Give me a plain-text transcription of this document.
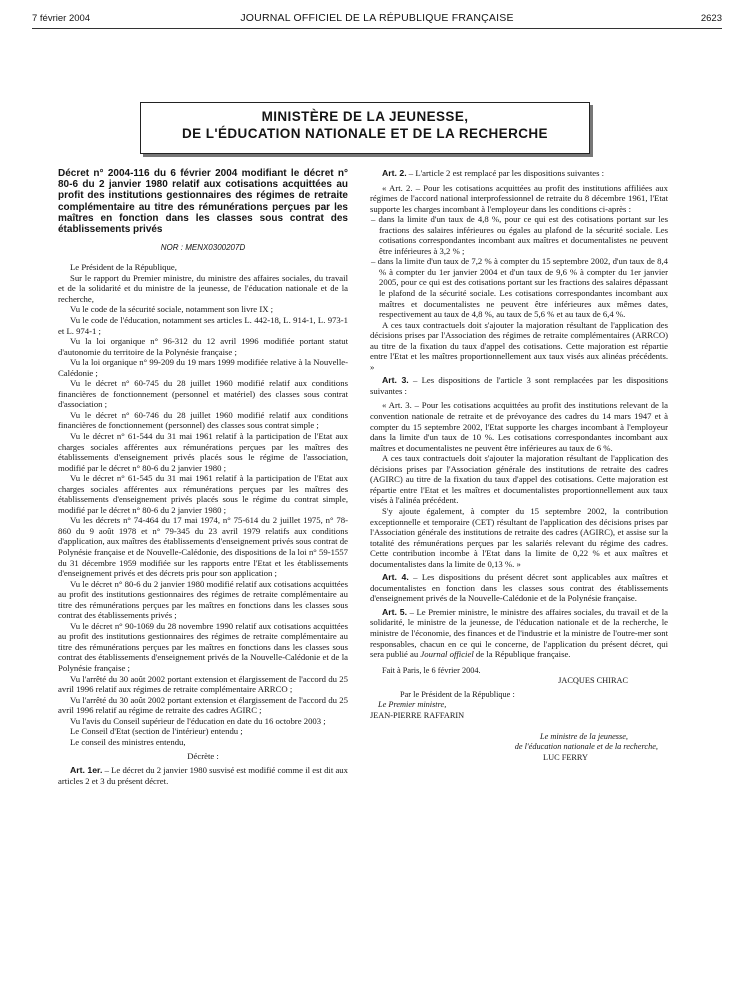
7 février 2004	JOURNAL OFFICIEL DE LA RÉPUBLIQUE FRANÇAISE	2623
MINISTÈRE DE LA JEUNESSE,
DE L'ÉDUCATION NATIONALE ET DE LA RECHERCHE

Décret n° 2004-116 du 6 février 2004 modifiant le décret n° 80-6 du 2 janvier 1980 relatif aux cotisations acquittées au profit des institutions gestionnaires des régimes de retraite complémentaire au titre des rémunérations perçues par les maîtres en fonction dans les classes sous contrat des établissements privés

NOR : MENX0300207D

Le Président de la République,

Sur le rapport du Premier ministre, du ministre des affaires sociales, du travail et de la solidarité et du ministre de la jeunesse, de l'éducation nationale et de la recherche,

Vu le code de la sécurité sociale, notamment son livre IX ;

Vu le code de l'éducation, notamment ses articles L. 442-18, L. 914-1, L. 973-1 et L. 974-1 ;

Vu la loi organique n° 96-312 du 12 avril 1996 modifiée portant statut d'autonomie du territoire de la Polynésie française ;

Vu la loi organique n° 99-209 du 19 mars 1999 modifiée relative à la Nouvelle-Calédonie ;

Vu le décret n° 60-745 du 28 juillet 1960 modifié relatif aux conditions financières de fonctionnement (personnel et matériel) des classes sous contrat d'association ;

Vu le décret n° 60-746 du 28 juillet 1960 modifié relatif aux conditions financières de fonctionnement (personnel) des classes sous contrat simple ;

Vu le décret n° 61-544 du 31 mai 1961 relatif à la participation de l'Etat aux charges sociales afférentes aux rémunérations perçues par les maîtres des établissements d'enseignement privés placés sous le régime de l'association, modifié par le décret n° 80-6 du 2 janvier 1980 ;

Vu le décret n° 61-545 du 31 mai 1961 relatif à la participation de l'Etat aux charges sociales afférentes aux rémunérations perçues par les maîtres des établissements d'enseignement privés placés sous le régime du contrat simple, modifié par le décret n° 80-6 du 2 janvier 1980 ;

Vu les décrets n° 74-464 du 17 mai 1974, n° 75-614 du 2 juillet 1975, n° 78-860 du 9 août 1978 et n° 79-345 du 23 avril 1979 relatifs aux conditions d'application, aux maîtres des établissements d'enseignement privés sous contrat de Polynésie française et de Nouvelle-Calédonie, des dispositions de la loi n° 59-1557 du 31 décembre 1959 modifiée sur les rapports entre l'Etat et les établissements d'enseignement privés et des décrets pris pour son application ;

Vu le décret n° 80-6 du 2 janvier 1980 modifié relatif aux cotisations acquittées au profit des institutions gestionnaires des régimes de retraite complémentaire au titre des rémunérations perçues par les maîtres en fonctions dans les classes sous contrat des établissements privés ;

Vu le décret n° 90-1069 du 28 novembre 1990 relatif aux cotisations acquittées au profit des institutions gestionnaires des régimes de retraite complémentaire au titre des rémunérations perçues par les maîtres en fonctions dans les classes sous contrat des établissements d'enseignement privés de la Nouvelle-Calédonie et de la Polynésie française ;

Vu l'arrêté du 30 août 2002 portant extension et élargissement de l'accord du 25 avril 1996 relatif aux régimes de retraite complémentaire ARRCO ;

Vu l'arrêté du 30 août 2002 portant extension et élargissement de l'accord du 25 avril 1996 relatif au régime de retraite des cadres AGIRC ;

Vu l'avis du Conseil supérieur de l'éducation en date du 16 octobre 2003 ;

Le Conseil d'Etat (section de l'intérieur) entendu ;

Le conseil des ministres entendu,

Décrète :

Art. 1er. – Le décret du 2 janvier 1980 susvisé est modifié comme il est dit aux articles 2 et 3 du présent décret.

Art. 2. – L'article 2 est remplacé par les dispositions suivantes :

« Art. 2. – Pour les cotisations acquittées au profit des institutions affiliées aux régimes de l'accord national interprofessionnel de retraite du 8 décembre 1961, l'Etat supporte les charges incombant à l'employeur dans les conditions ci-après :

– dans la limite d'un taux de 4,8 %, pour ce qui est des cotisations portant sur les fractions des salaires inférieures ou égales au plafond de la sécurité sociale. Les cotisations correspondantes incombant aux maîtres et documentalistes ne peuvent être inférieures à 3,2 % ;

– dans la limite d'un taux de 7,2 % à compter du 15 septembre 2002, d'un taux de 8,4 % à compter du 1er janvier 2004 et d'un taux de 9,6 % à compter du 1er janvier 2005, pour ce qui est des cotisations portant sur les fractions des salaires dépassant le plafond de la sécurité sociale. Les cotisations correspondantes incombant aux maîtres et documentalistes ne peuvent être inférieures aux mêmes dates, respectivement au taux de 4,8 %, au taux de 5,6 % et au taux de 6,4 %.

A ces taux contractuels doit s'ajouter la majoration résultant de l'application des décisions prises par l'Association des régimes de retraite complémentaires (ARRCO) au titre de la fixation du taux d'appel des cotisations. Cette majoration est répartie entre l'Etat et les maîtres proportionnellement aux taux visés aux alinéas précédents. »

Art. 3. – Les dispositions de l'article 3 sont remplacées par les dispositions suivantes :

« Art. 3. – Pour les cotisations acquittées au profit des institutions relevant de la convention nationale de retraite et de prévoyance des cadres du 14 mars 1947 et à compter du 15 septembre 2002, l'Etat supporte les charges incombant à l'employeur dans la limite d'un taux de 10 %. Les cotisations correspondantes incombant aux maîtres et documentalistes ne peuvent être inférieures au taux de 6 %.

A ces taux contractuels doit s'ajouter la majoration résultant de l'application des décisions prises par l'Association générale des institutions de retraite des cadres (AGIRC) au titre de la fixation du taux d'appel des cotisations. Cette majoration est répartie entre l'Etat et les maîtres et documentalistes proportionnellement aux taux visés à l'alinéa précédent.

S'y ajoute également, à compter du 15 septembre 2002, la contribution exceptionnelle et temporaire (CET) résultant de l'application des décisions prises par l'Association générale des institutions de retraite des cadres (AGIRC), et assise sur la totalité des rémunérations perçues par les salariés relevant du régime des cadres. Cette contribution incombe à l'Etat dans la limite de 0,22 % et aux maîtres et documentalistes dans la limite de 0,13 %. »

Art. 4. – Les dispositions du présent décret sont applicables aux maîtres et documentalistes en fonction dans les classes sous contrat des établissements d'enseignement privés de la Nouvelle-Calédonie et de la Polynésie française.

Art. 5. – Le Premier ministre, le ministre des affaires sociales, du travail et de la solidarité, le ministre de la jeunesse, de l'éducation nationale et de la recherche, le ministre de l'économie, des finances et de l'industrie et la ministre de l'outre-mer sont responsables, chacun en ce qui le concerne, de l'application du présent décret, qui sera publié au Journal officiel de la République française.

Fait à Paris, le 6 février 2004.
JACQUES CHIRAC
Par le Président de la République :
Le Premier ministre,
JEAN-PIERRE RAFFARIN
Le ministre de la jeunesse,
de l'éducation nationale et de la recherche,
LUC FERRY
